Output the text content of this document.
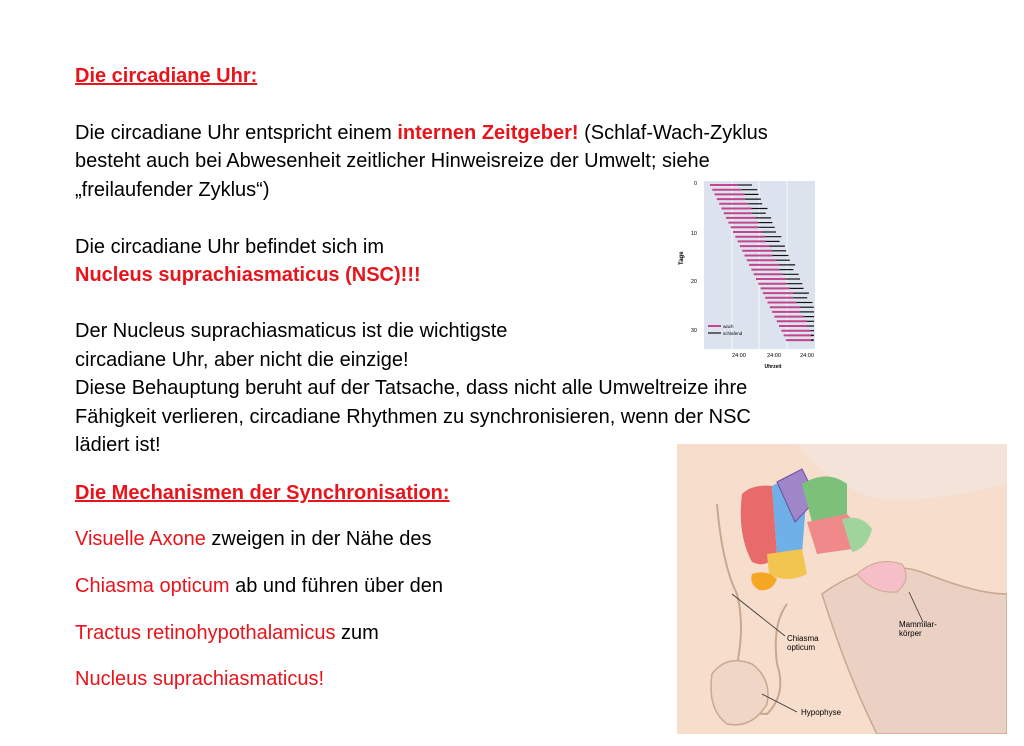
Die circadiane Uhr:
Die circadiane Uhr entspricht einem internen Zeitgeber! (Schlaf-Wach-Zyklus
besteht auch bei Abwesenheit zeitlicher Hinweisreize der Umwelt; siehe
„freilaufender Zyklus“)
Die circadiane Uhr befindet sich im
Nucleus suprachiasmaticus (NSC)!!!
Der Nucleus suprachiasmaticus ist die wichtigste
circadiane Uhr, aber nicht die einzige!
Diese Behauptung beruht auf der Tatsache, dass nicht alle Umweltreize ihre
Fähigkeit verlieren, circadiane Rhythmen zu synchronisieren, wenn der NSC
lädiert ist!
Die Mechanismen der Synchronisation:
Visuelle Axone zweigen in der Nähe des
Chiasma opticum ab und führen über den
Tractus retinohypothalamicus zum
Nucleus suprachiasmaticus!
Tage
0
10
20
30
24:00	24:00	24:00
Uhrzeit
wach
schlafend
Mammilar-
körper
Chiasma
opticum
Hypophyse
